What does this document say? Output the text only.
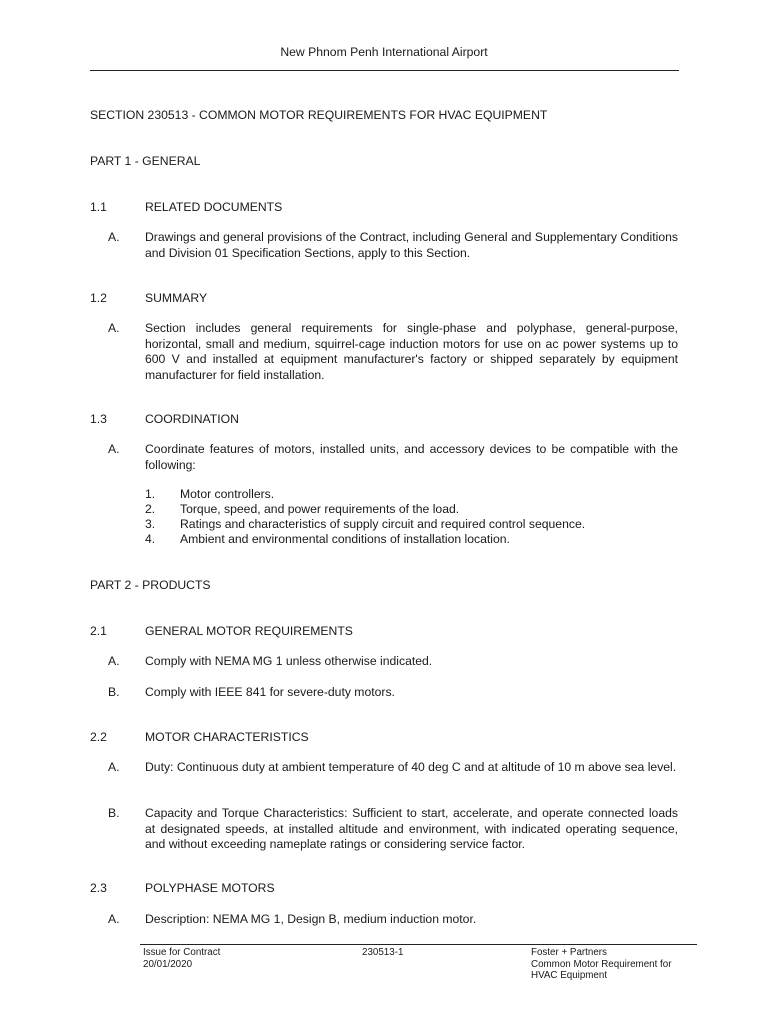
New Phnom Penh International Airport
SECTION 230513 - COMMON MOTOR REQUIREMENTS FOR HVAC EQUIPMENT
PART 1 - GENERAL
1.1	RELATED DOCUMENTS
A. Drawings and general provisions of the Contract, including General and Supplementary Conditions and Division 01 Specification Sections, apply to this Section.
1.2	SUMMARY
A. Section includes general requirements for single-phase and polyphase, general-purpose, horizontal, small and medium, squirrel-cage induction motors for use on ac power systems up to 600 V and installed at equipment manufacturer's factory or shipped separately by equipment manufacturer for field installation.
1.3	COORDINATION
A. Coordinate features of motors, installed units, and accessory devices to be compatible with the following:
1. Motor controllers.
2. Torque, speed, and power requirements of the load.
3. Ratings and characteristics of supply circuit and required control sequence.
4. Ambient and environmental conditions of installation location.
PART 2 - PRODUCTS
2.1	GENERAL MOTOR REQUIREMENTS
A. Comply with NEMA MG 1 unless otherwise indicated.
B. Comply with IEEE 841 for severe-duty motors.
2.2	MOTOR CHARACTERISTICS
A. Duty: Continuous duty at ambient temperature of 40 deg C and at altitude of 10 m above sea level.
B. Capacity and Torque Characteristics: Sufficient to start, accelerate, and operate connected loads at designated speeds, at installed altitude and environment, with indicated operating sequence, and without exceeding nameplate ratings or considering service factor.
2.3	POLYPHASE MOTORS
A. Description: NEMA MG 1, Design B, medium induction motor.
Issue for Contract
20/01/2020
230513-1	Foster + Partners
Common Motor Requirement for
HVAC Equipment
